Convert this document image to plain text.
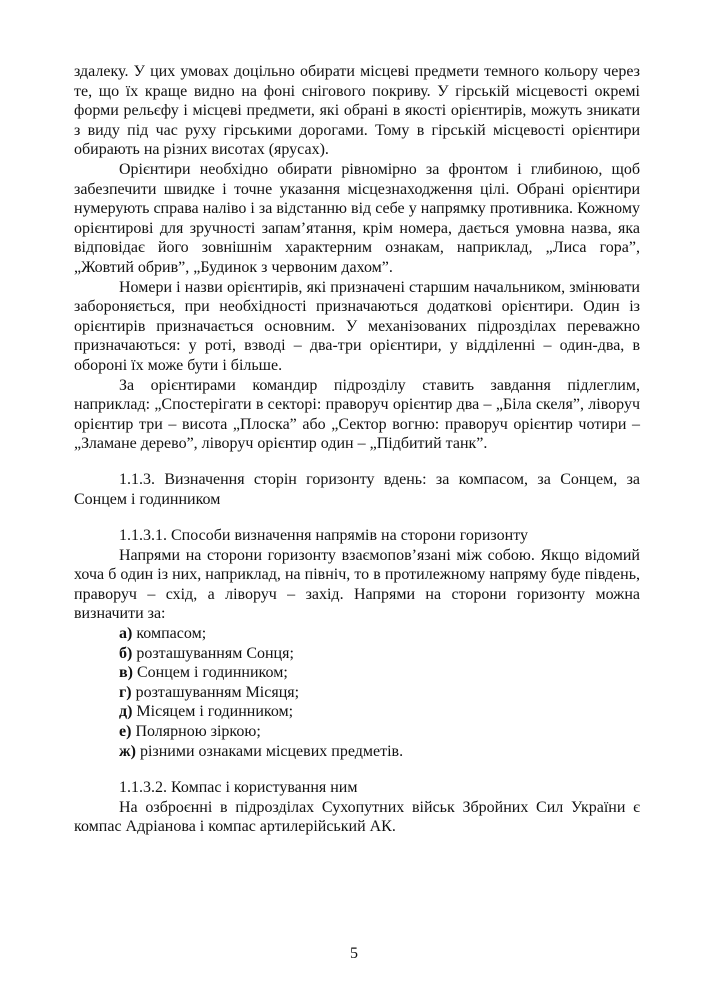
здалеку. У цих умовах доцільно обирати місцеві предмети темного кольору через те, що їх краще видно на фоні снігового покриву. У гірській місцевості окремі форми рельєфу і місцеві предмети, які обрані в якості орієнтирів, можуть зникати з виду під час руху гірськими дорогами. Тому в гірській місцевості орієнтири обирають на різних висотах (ярусах).

Орієнтири необхідно обирати рівномірно за фронтом і глибиною, щоб забезпечити швидке і точне указання місцезнаходження цілі. Обрані орієнтири нумерують справа наліво і за відстанню від себе у напрямку противника. Кожному орієнтирові для зручності запам’ятання, крім номера, дається умовна назва, яка відповідає його зовнішнім характерним ознакам, наприклад, „Лиса гора”, „Жовтий обрив”, „Будинок з червоним дахом”.

Номери і назви орієнтирів, які призначені старшим начальником, змінювати забороняється, при необхідності призначаються додаткові орієнтири. Один із орієнтирів призначається основним. У механізованих підрозділах переважно призначаються: у роті, взводі – два-три орієнтири, у відділенні – один-два, в обороні їх може бути і більше.

За орієнтирами командир підрозділу ставить завдання підлеглим, наприклад: „Спостерігати в секторі: праворуч орієнтир два – „Біла скеля”, ліворуч орієнтир три – висота „Плоска” або „Сектор вогню: праворуч орієнтир чотири – „Зламане дерево”, ліворуч орієнтир один – „Підбитий танк”.

1.1.3. Визначення сторін горизонту вдень: за компасом, за Сонцем, за Сонцем і годинником

1.1.3.1. Способи визначення напрямів на сторони горизонту

Напрями на сторони горизонту взаємопов’язані між собою. Якщо відомий хоча б один із них, наприклад, на північ, то в протилежному напряму буде південь, праворуч – схід, а ліворуч – захід. Напрями на сторони горизонту можна визначити за:

а) компасом;

б) розташуванням Сонця;

в) Сонцем і годинником;

г) розташуванням Місяця;

д) Місяцем і годинником;

е) Полярною зіркою;

ж) різними ознаками місцевих предметів.

1.1.3.2. Компас і користування ним

На озброєнні в підрозділах Сухопутних військ Збройних Сил України є компас Адріанова і компас артилерійський АК.

5
